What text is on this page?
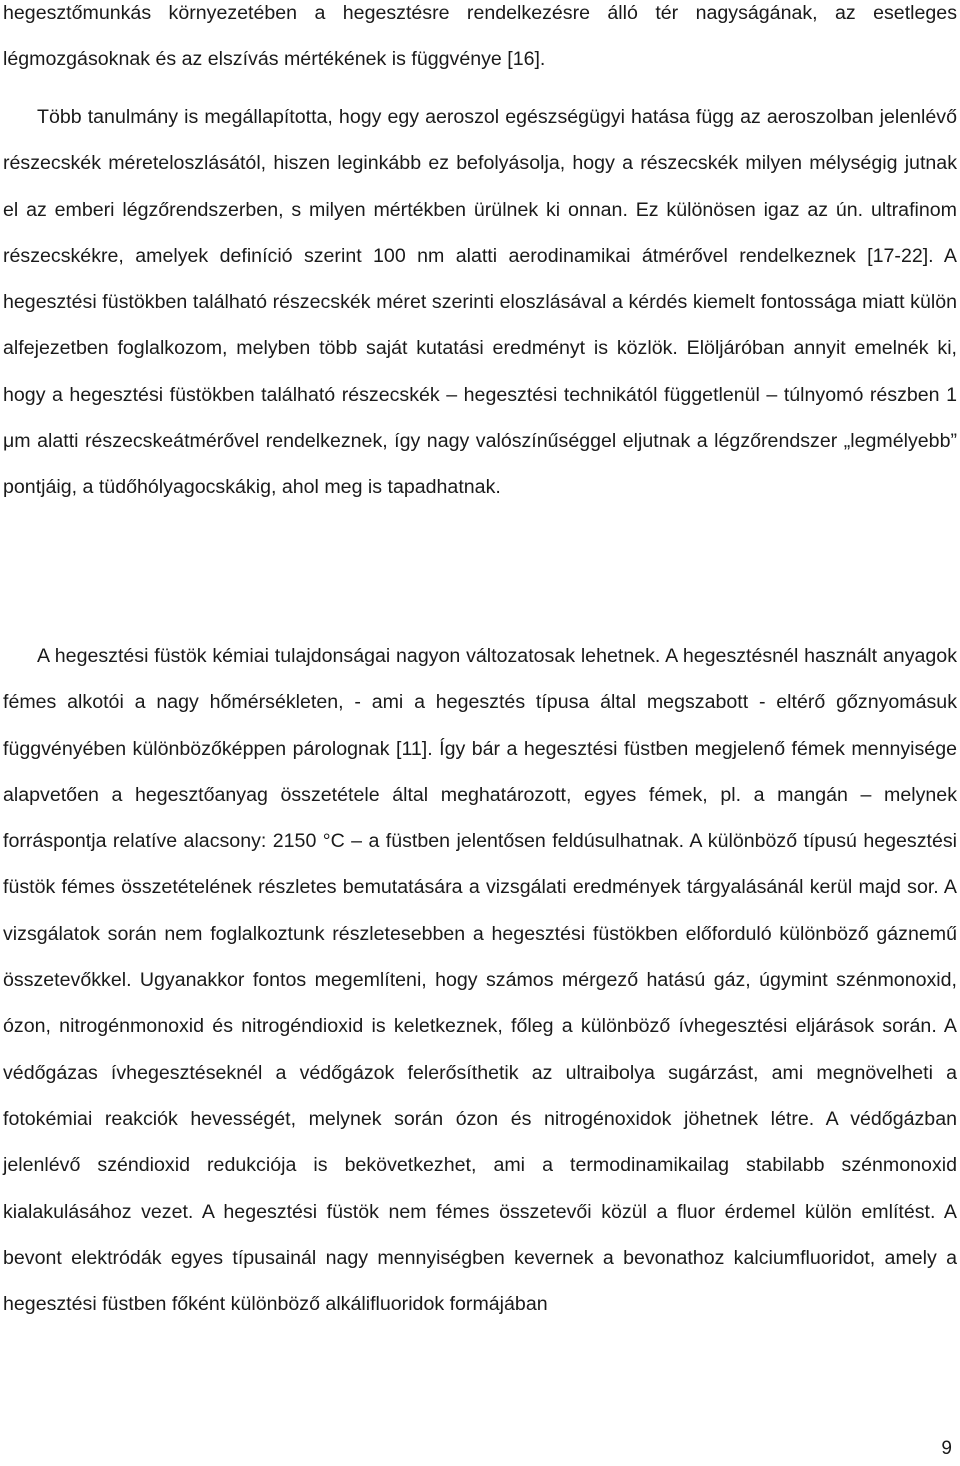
hegesztőmunkás környezetében a hegesztésre rendelkezésre álló tér nagyságának, az esetleges légmozgásoknak és az elszívás mértékének is függvénye [16].

Több tanulmány is megállapította, hogy egy aeroszol egészségügyi hatása függ az aeroszolban jelenlévő részecskék méreteloszlásától, hiszen leginkább ez befolyásolja, hogy a részecskék milyen mélységig jutnak el az emberi légzőrendszerben, s milyen mértékben ürülnek ki onnan. Ez különösen igaz az ún. ultrafinom részecskékre, amelyek definíció szerint 100 nm alatti aerodinamikai átmérővel rendelkeznek [17-22]. A hegesztési füstökben található részecskék méret szerinti eloszlásával a kérdés kiemelt fontossága miatt külön alfejezetben foglalkozom, melyben több saját kutatási eredményt is közlök. Elöljáróban annyit emelnék ki, hogy a hegesztési füstökben található részecskék – hegesztési technikától függetlenül – túlnyomó részben 1 μm alatti részecskeátmérővel rendelkeznek, így nagy valószínűséggel eljutnak a légzőrendszer „legmélyebb” pontjáig, a tüdőhólyagocskákig, ahol meg is tapadhatnak.

A hegesztési füstök kémiai tulajdonságai nagyon változatosak lehetnek. A hegesztésnél használt anyagok fémes alkotói a nagy hőmérsékleten, - ami a hegesztés típusa által megszabott - eltérő gőznyomásuk függvényében különbözőképpen párolognak [11]. Így bár a hegesztési füstben megjelenő fémek mennyisége alapvetően a hegesztőanyag összetétele által meghatározott, egyes fémek, pl. a mangán – melynek forráspontja relatíve alacsony: 2150 °C – a füstben jelentősen feldúsulhatnak. A különböző típusú hegesztési füstök fémes összetételének részletes bemutatására a vizsgálati eredmények tárgyalásánál kerül majd sor. A vizsgálatok során nem foglalkoztunk részletesebben a hegesztési füstökben előforduló különböző gáznemű összetevőkkel. Ugyanakkor fontos megemlíteni, hogy számos mérgező hatású gáz, úgymint szénmonoxid, ózon, nitrogénmonoxid és nitrogéndioxid is keletkeznek, főleg a különböző ívhegesztési eljárások során. A védőgázas ívhegesztéseknél a védőgázok felerősíthetik az ultraibolya sugárzást, ami megnövelheti a fotokémiai reakciók hevességét, melynek során ózon és nitrogénoxidok jöhetnek létre. A védőgázban jelenlévő széndioxid redukciója is bekövetkezhet, ami a termodinamikailag stabilabb szénmonoxid kialakulásához vezet. A hegesztési füstök nem fémes összetevői közül a fluor érdemel külön említést. A bevont elektródák egyes típusainál nagy mennyiségben kevernek a bevonathoz kalciumfluoridot, amely a hegesztési füstben főként különböző alkálifluoridok formájában

9
